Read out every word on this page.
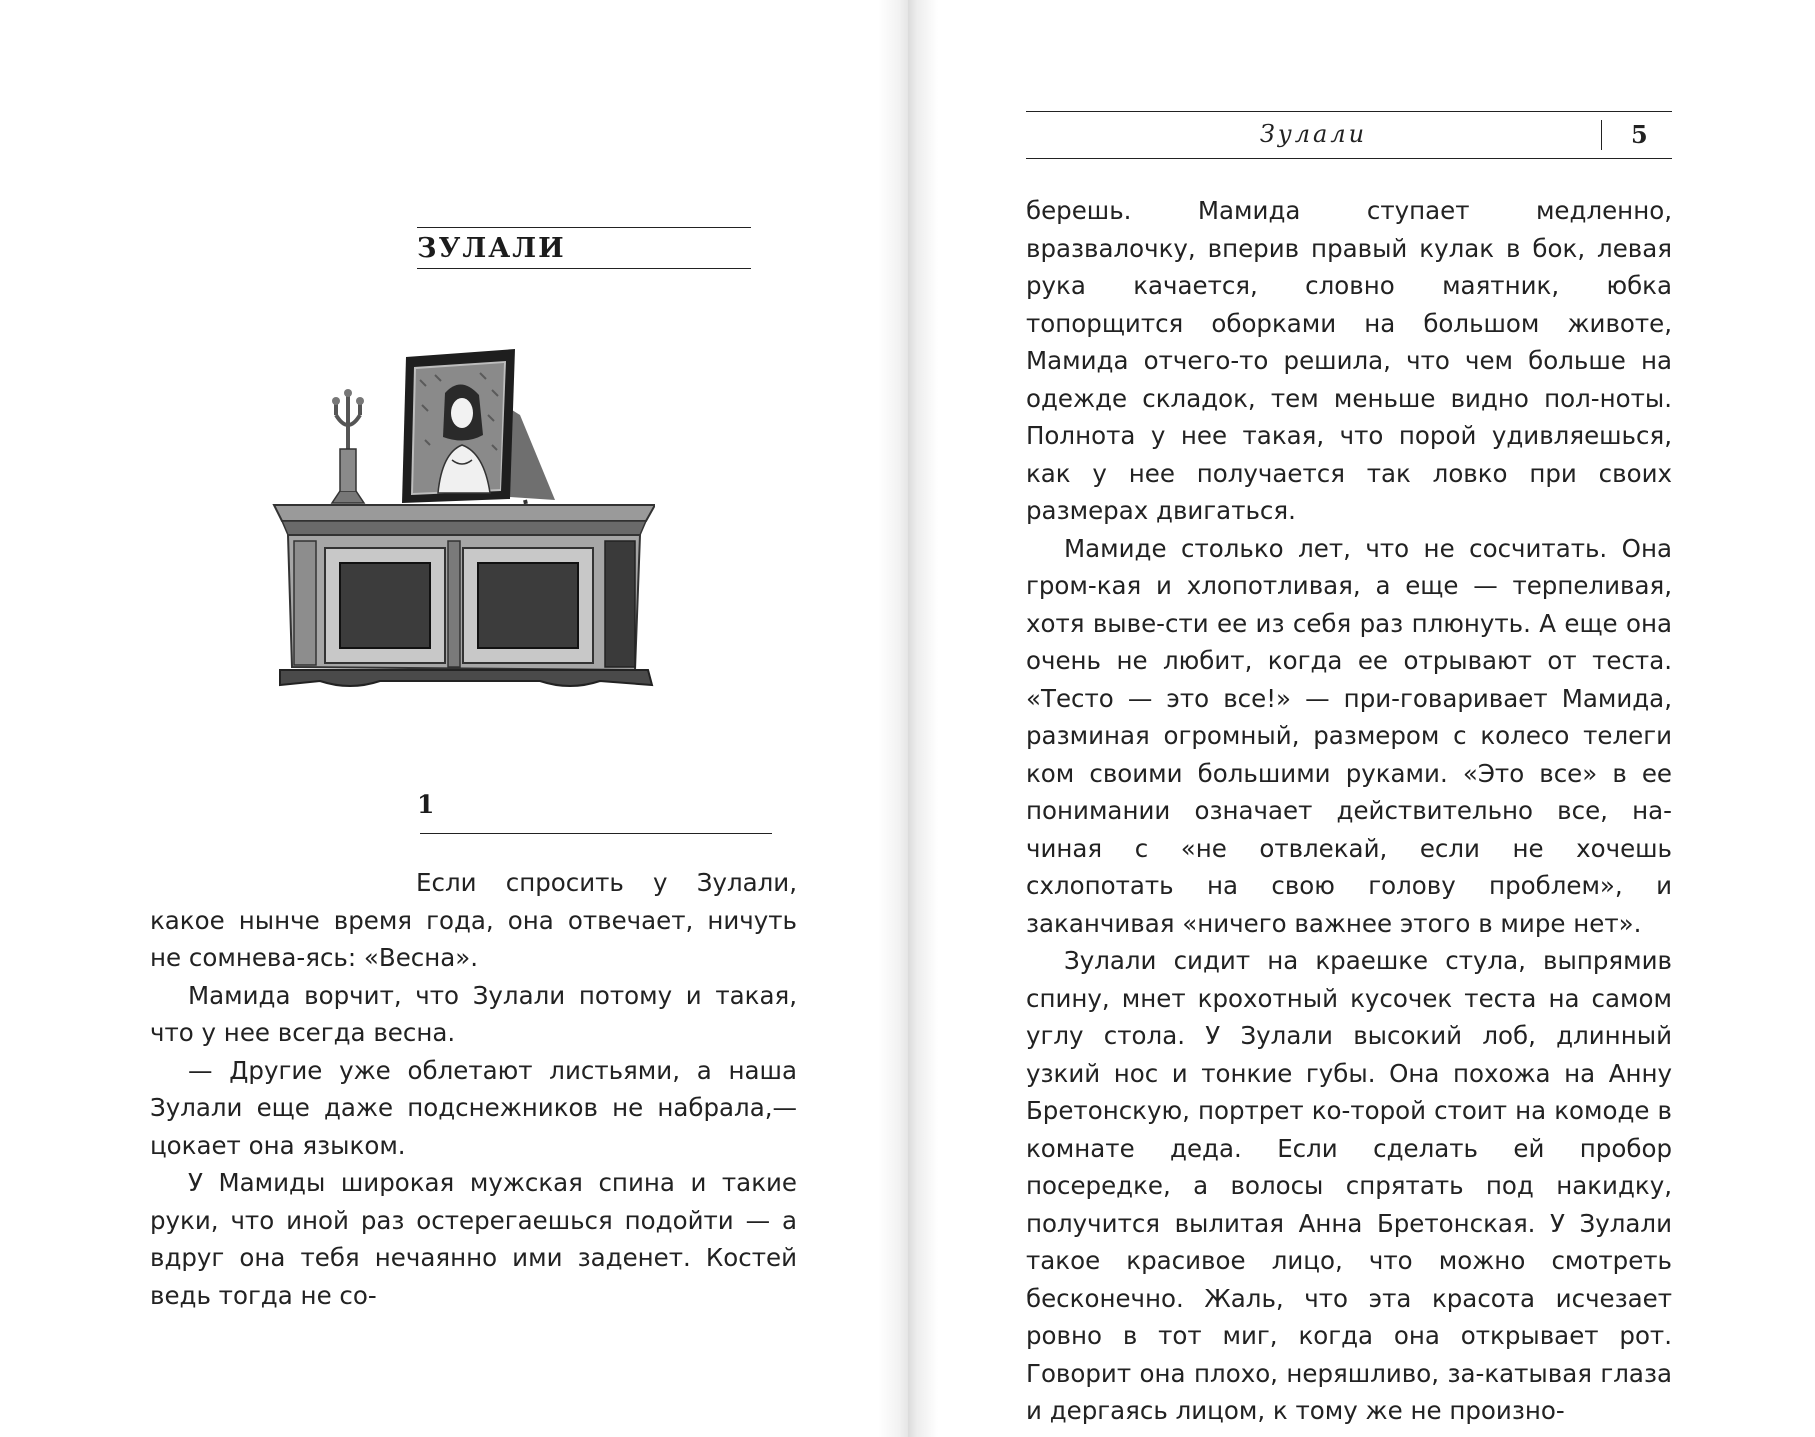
ЗУЛАЛИ
1

Если спросить у Зулали, какое нынче время года, она отвечает, ничуть не сомнева-ясь: «Весна».

Мамида ворчит, что Зулали потому и такая, что у нее всегда весна.

— Другие уже облетают листьями, а наша Зулали еще даже подснежников не набрала,— цокает она языком.

У Мамиды широкая мужская спина и такие руки, что иной раз остерегаешься подойти — а вдруг она тебя нечаянно ими заденет. Костей ведь тогда не со-

Зулали	5

берешь. Мамида ступает медленно, вразвалочку, вперив правый кулак в бок, левая рука качается, словно маятник, юбка топорщится оборками на большом животе, Мамида отчего-то решила, что чем больше на одежде складок, тем меньше видно пол-ноты. Полнота у нее такая, что порой удивляешься, как у нее получается так ловко при своих размерах двигаться.

Мамиде столько лет, что не сосчитать. Она гром-кая и хлопотливая, а еще — терпеливая, хотя выве-сти ее из себя раз плюнуть. А еще она очень не любит, когда ее отрывают от теста. «Тесто — это все!» — при-говаривает Мамида, разминая огромный, размером с колесо телеги ком своими большими руками. «Это все» в ее понимании означает действительно все, на-чиная с «не отвлекай, если не хочешь схлопотать на свою голову проблем», и заканчивая «ничего важнее этого в мире нет».

Зулали сидит на краешке стула, выпрямив спину, мнет крохотный кусочек теста на самом углу стола. У Зулали высокий лоб, длинный узкий нос и тонкие губы. Она похожа на Анну Бретонскую, портрет ко-торой стоит на комоде в комнате деда. Если сделать ей пробор посередке, а волосы спрятать под накидку, получится вылитая Анна Бретонская. У Зулали такое красивое лицо, что можно смотреть бесконечно. Жаль, что эта красота исчезает ровно в тот миг, когда она открывает рот. Говорит она плохо, неряшливо, за-катывая глаза и дергаясь лицом, к тому же не произно-
